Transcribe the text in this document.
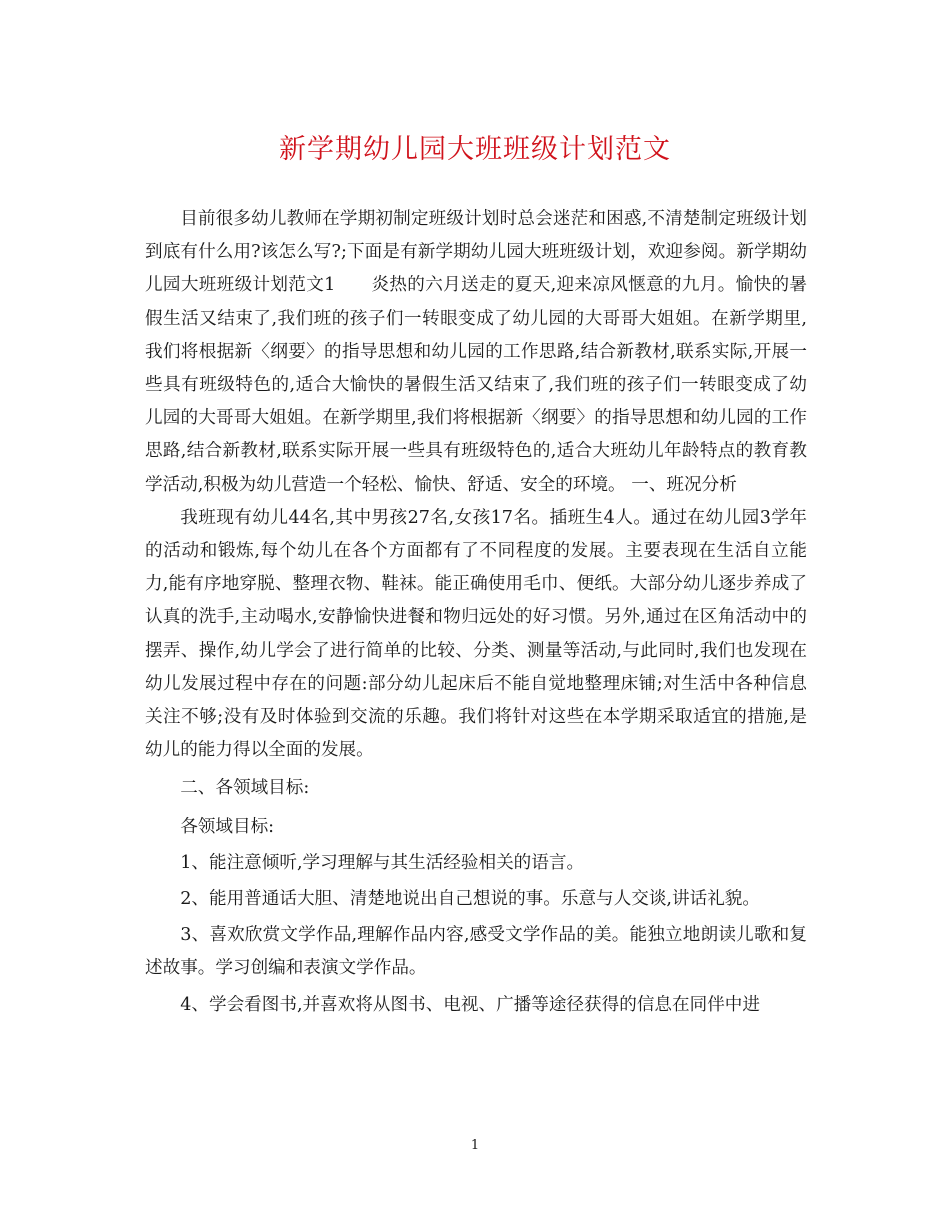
新学期幼儿园大班班级计划范文

目前很多幼儿教师在学期初制定班级计划时总会迷茫和困惑,不清楚制定班级计划到底有什么用?该怎么写?;下面是有新学期幼儿园大班班级计划，欢迎参阅。新学期幼儿园大班班级计划范文1　　炎热的六月送走的夏天,迎来凉风惬意的九月。愉快的暑假生活又结束了,我们班的孩子们一转眼变成了幼儿园的大哥哥大姐姐。在新学期里,我们将根据新〈纲要〉的指导思想和幼儿园的工作思路,结合新教材,联系实际,开展一些具有班级特色的,适合大愉快的暑假生活又结束了,我们班的孩子们一转眼变成了幼儿园的大哥哥大姐姐。在新学期里,我们将根据新〈纲要〉的指导思想和幼儿园的工作思路,结合新教材,联系实际开展一些具有班级特色的,适合大班幼儿年龄特点的教育教学活动,积极为幼儿营造一个轻松、愉快、舒适、安全的环境。 一、班况分析

我班现有幼儿44名,其中男孩27名,女孩17名。插班生4人。通过在幼儿园3学年的活动和锻炼,每个幼儿在各个方面都有了不同程度的发展。主要表现在生活自立能力,能有序地穿脱、整理衣物、鞋袜。能正确使用毛巾、便纸。大部分幼儿逐步养成了认真的洗手,主动喝水,安静愉快进餐和物归远处的好习惯。另外,通过在区角活动中的摆弄、操作,幼儿学会了进行简单的比较、分类、测量等活动,与此同时,我们也发现在幼儿发展过程中存在的问题:部分幼儿起床后不能自觉地整理床铺;对生活中各种信息关注不够;没有及时体验到交流的乐趣。我们将针对这些在本学期采取适宜的措施,是幼儿的能力得以全面的发展。

二、各领域目标:

各领域目标:

1、能注意倾听,学习理解与其生活经验相关的语言。

2、能用普通话大胆、清楚地说出自己想说的事。乐意与人交谈,讲话礼貌。

3、喜欢欣赏文学作品,理解作品内容,感受文学作品的美。能独立地朗读儿歌和复述故事。学习创编和表演文学作品。

4、学会看图书,并喜欢将从图书、电视、广播等途径获得的信息在同伴中进

1
